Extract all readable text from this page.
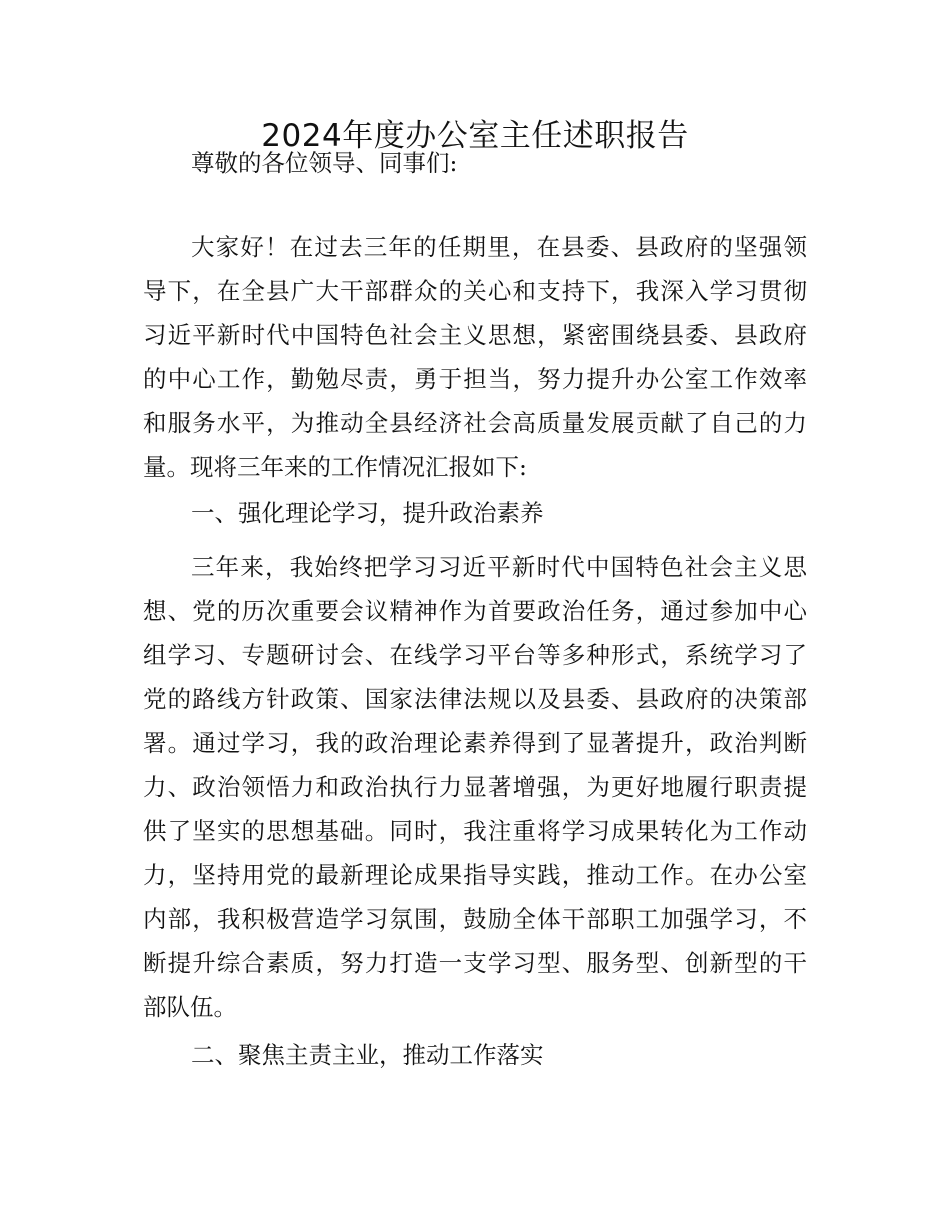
2024年度办公室主任述职报告
尊敬的各位领导、同事们:
大家好！在过去三年的任期里，在县委、县政府的坚强领
导下，在全县广大干部群众的关心和支持下，我深入学习贯彻
习近平新时代中国特色社会主义思想，紧密围绕县委、县政府
的中心工作，勤勉尽责，勇于担当，努力提升办公室工作效率
和服务水平，为推动全县经济社会高质量发展贡献了自己的力
量。现将三年来的工作情况汇报如下:
一、强化理论学习，提升政治素养
三年来，我始终把学习习近平新时代中国特色社会主义思
想、党的历次重要会议精神作为首要政治任务，通过参加中心
组学习、专题研讨会、在线学习平台等多种形式，系统学习了
党的路线方针政策、国家法律法规以及县委、县政府的决策部
署。通过学习，我的政治理论素养得到了显著提升，政治判断
力、政治领悟力和政治执行力显著增强，为更好地履行职责提
供了坚实的思想基础。同时，我注重将学习成果转化为工作动
力，坚持用党的最新理论成果指导实践，推动工作。在办公室
内部，我积极营造学习氛围，鼓励全体干部职工加强学习，不
断提升综合素质，努力打造一支学习型、服务型、创新型的干
部队伍。
二、聚焦主责主业，推动工作落实
